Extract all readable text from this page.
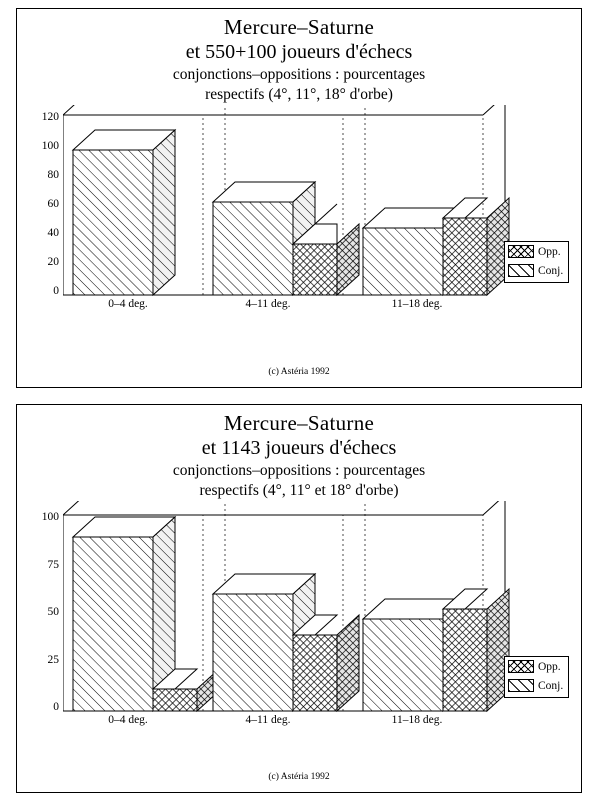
Mercure–Saturne
et 550+100 joueurs d'échecs
conjonctions–oppositions : pourcentages
respectifs (4°, 11°, 18° d'orbe)
120
100
80
60
40
20
0
0–4 deg.	4–11 deg.	11–18 deg.
Opp.
Conj.
(c) Astéria 1992
Mercure–Saturne
et 1143 joueurs d'échecs
conjonctions–oppositions : pourcentages
respectifs (4°, 11° et 18° d'orbe)
100
75
50
25
0
0–4 deg.	4–11 deg.	11–18 deg.
Opp.
Conj.
(c) Astéria 1992
